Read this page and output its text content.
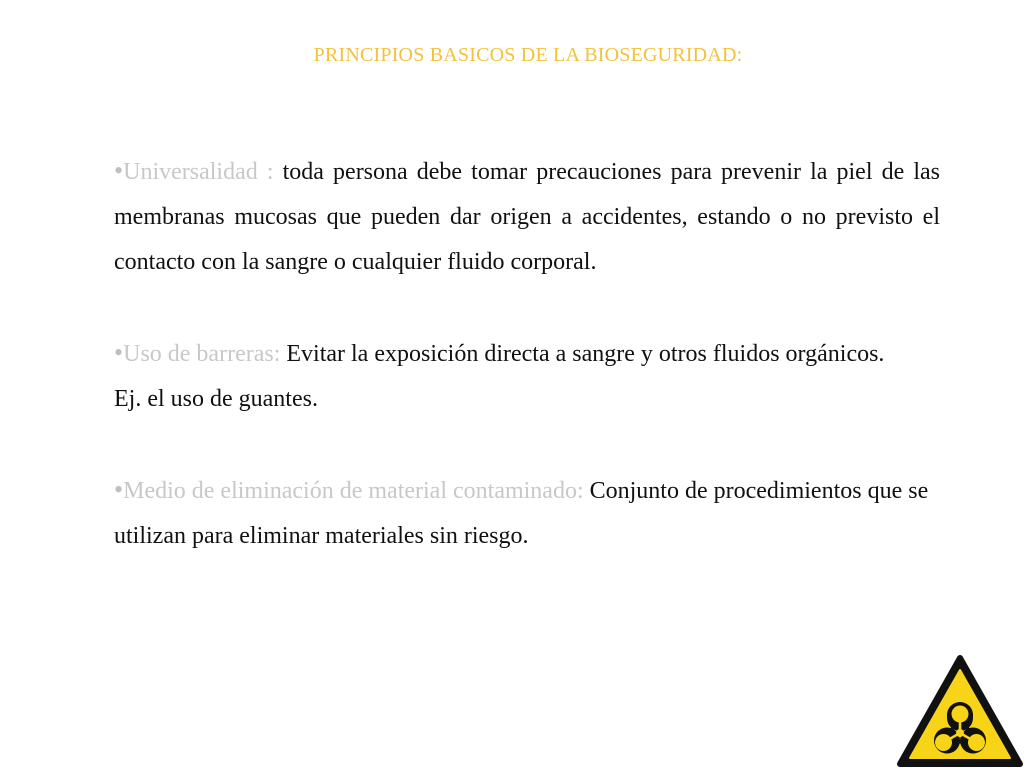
PRINCIPIOS BASICOS DE LA BIOSEGURIDAD:

•Universalidad : toda persona debe tomar precauciones para prevenir la piel de las membranas mucosas que pueden dar origen a accidentes, estando o no previsto el contacto con la sangre o cualquier fluido corporal.

•Uso de barreras: Evitar la exposición directa a sangre y otros fluidos orgánicos.

Ej. el uso de guantes.

•Medio de eliminación de material contaminado: Conjunto de procedimientos que se utilizan para eliminar materiales sin riesgo.
